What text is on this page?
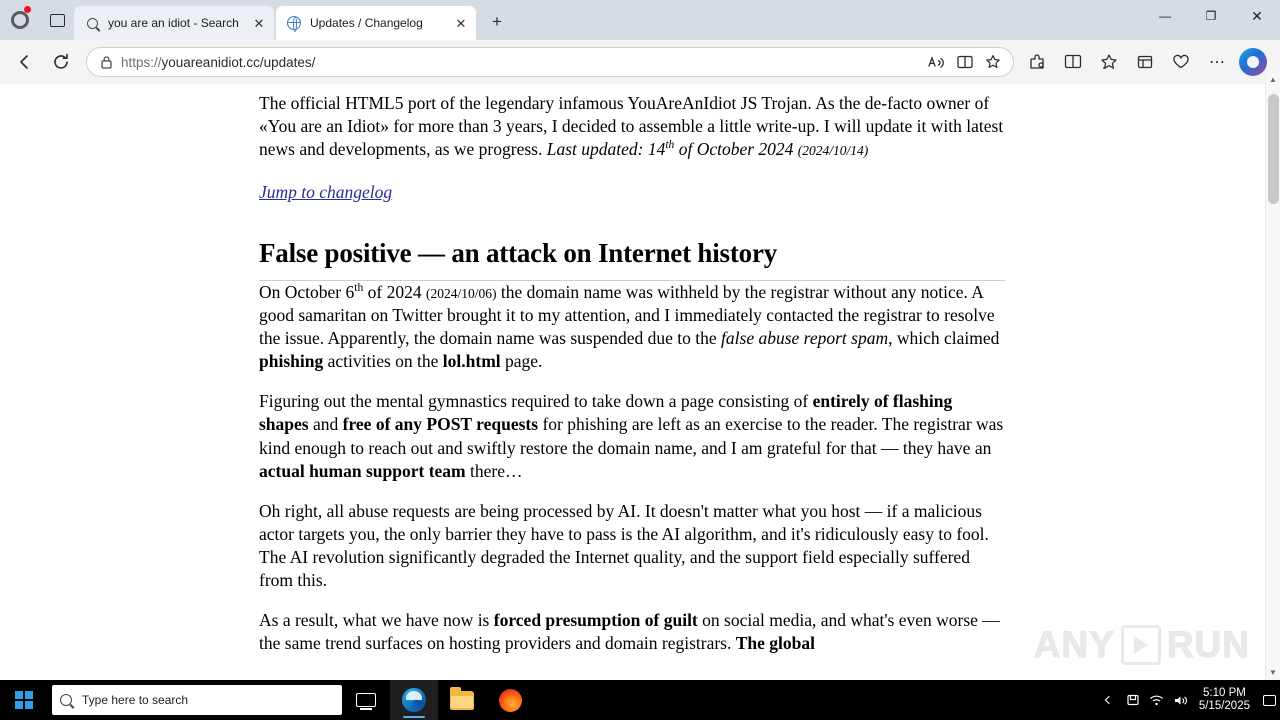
you are an idiot - Search	✕	Updates / Changelog	✕	+	—	❐	✕
https://youareanidiot.cc/updates/	⋯

The official HTML5 port of the legendary infamous YouAreAnIdiot JS Trojan. As the de-facto owner of «You are an Idiot» for more than 3 years, I decided to assemble a little write-up. I will update it with latest news and developments, as we progress. Last updated: 14th of October 2024 (2024/10/14)

Jump to changelog
False positive — an attack on Internet history

On October 6th of 2024 (2024/10/06) the domain name was withheld by the registrar without any notice. A good samaritan on Twitter brought it to my attention, and I immediately contacted the registrar to resolve the issue. Apparently, the domain name was suspended due to the false abuse report spam, which claimed phishing activities on the lol.html page.

Figuring out the mental gymnastics required to take down a page consisting of entirely of flashing shapes and free of any POST requests for phishing are left as an exercise to the reader. The registrar was kind enough to reach out and swiftly restore the domain name, and I am grateful for that — they have an actual human support team there…

Oh right, all abuse requests are being processed by AI. It doesn't matter what you host — if a malicious actor targets you, the only barrier they have to pass is the AI algorithm, and it's ridiculously easy to fool. The AI revolution significantly degraded the Internet quality, and the support field especially suffered from this.

As a result, what we have now is forced presumption of guilt on social media, and what's even worse — the same trend surfaces on hosting providers and domain registrars. The global	ANY RUN
▲
▼
Type here to search	5:10 PM
5/15/2025
